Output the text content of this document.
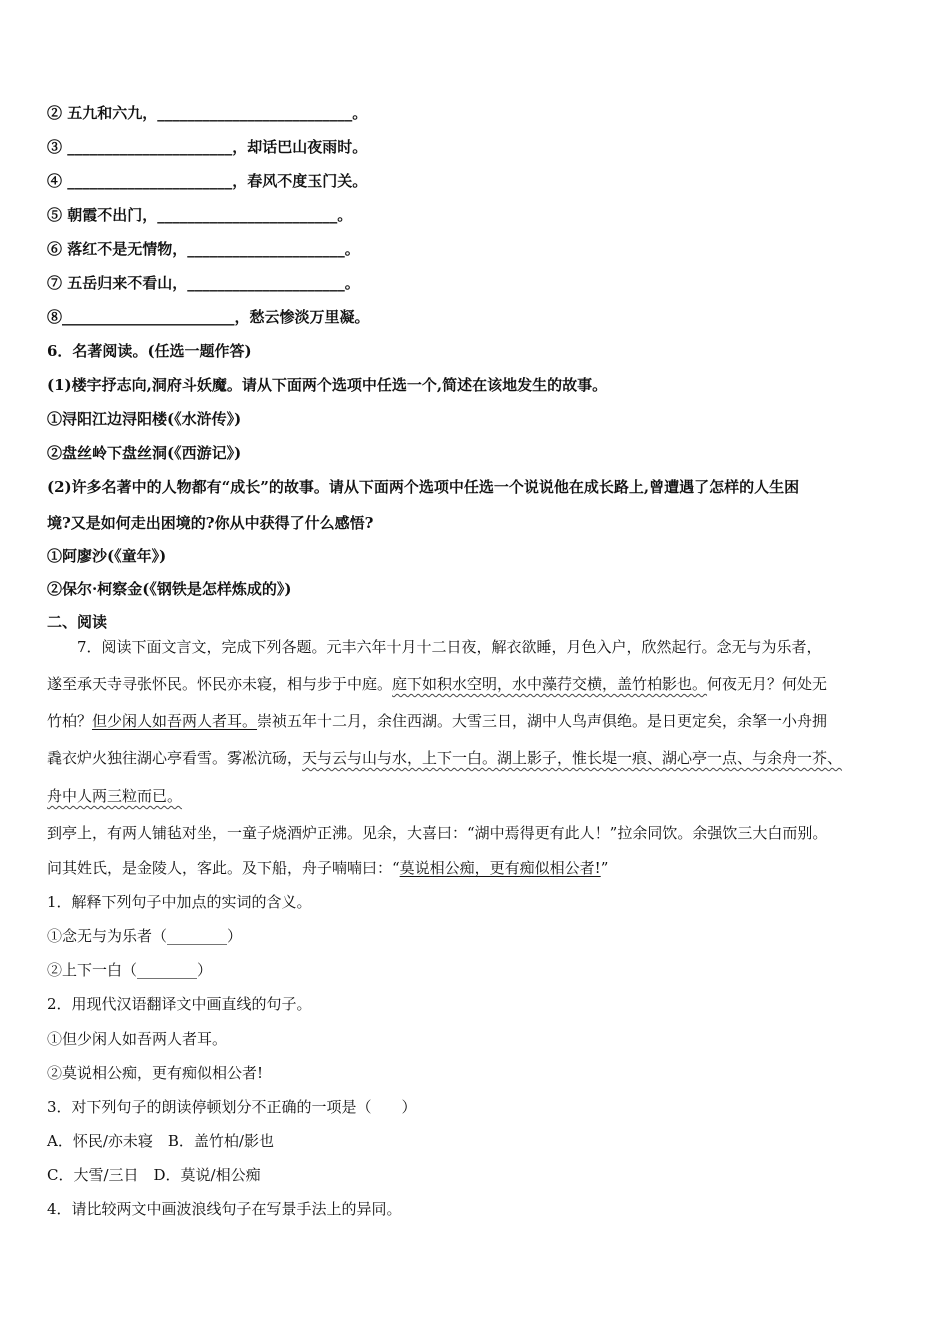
② 五九和六九，__________________________。
③ ______________________，却话巴山夜雨时。
④ ______________________，春风不度玉门关。
⑤ 朝霞不出门，________________________。
⑥ 落红不是无情物，_____________________。
⑦ 五岳归来不看山，_____________________。
⑧_______________________，愁云惨淡万里凝。
6．名著阅读。(任选一题作答)
(1)楼宇抒志向,洞府斗妖魔。请从下面两个选项中任选一个,简述在该地发生的故事。
①浔阳江边浔阳楼(《水浒传》)
②盘丝岭下盘丝洞(《西游记》)
(2)许多名著中的人物都有“成长”的故事。请从下面两个选项中任选一个说说他在成长路上,曾遭遇了怎样的人生困
境?又是如何走出困境的?你从中获得了什么感悟?
①阿廖沙(《童年》)
②保尔·柯察金(《钢铁是怎样炼成的》)
二、阅读
7．阅读下面文言文，完成下列各题。元丰六年十月十二日夜，解衣欲睡，月色入户，欣然起行。念无与为乐者，
遂至承天寺寻张怀民。怀民亦未寝，相与步于中庭。庭下如积水空明，水中藻荇交横，盖竹柏影也。何夜无月？何处无
竹柏？但少闲人如吾两人者耳。崇祯五年十二月，余住西湖。大雪三日，湖中人鸟声俱绝。是日更定矣，余拏一小舟拥
毳衣炉火独往湖心亭看雪。雾凇沆砀，天与云与山与水，上下一白。湖上影子，惟长堤一痕、湖心亭一点、与余舟一芥、
舟中人两三粒而已。
到亭上，有两人铺毡对坐，一童子烧酒炉正沸。见余，大喜曰：“湖中焉得更有此人！”拉余同饮。余强饮三大白而别。
问其姓氏，是金陵人，客此。及下船，舟子喃喃曰：“莫说相公痴，更有痴似相公者!”
1．解释下列句子中加点的实词的含义。
①念无与为乐者（________）
②上下一白（________）
2．用现代汉语翻译文中画直线的句子。
①但少闲人如吾两人者耳。
②莫说相公痴，更有痴似相公者!
3．对下列句子的朗读停顿划分不正确的一项是（　　）
A．怀民/亦未寝　B．盖竹柏/影也
C．大雪/三日　D．莫说/相公痴
4．请比较两文中画波浪线句子在写景手法上的异同。
